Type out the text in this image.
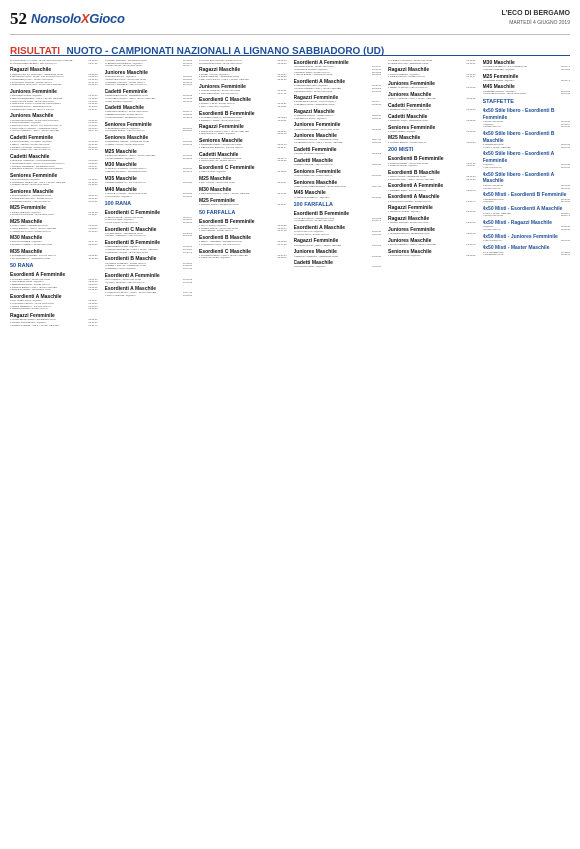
52 NonsoloXGioco	L'ECO DI BERGAMO
MARTEDÌ 4 GIUGNO 2019
RISULTATI NUOTO - CAMPIONATI NAZIONALI A LIGNANO SABBIADORO (UD)
20 DONATELLI VITTORIA - SPORTING CLUB ALL. INDONE	01:36.46
21 PAGNONCELLI ELENA - VIRTUS NUOTO	01:37.02
Ragazzi Maschile
1 PEZZINI FILIPPO GIACOMO - SWIMMING CLUB	01:08.49
2 BROGNOLI LUCA - SPORT PIÙ SCUOLA NUOTO	01:09.50
3 CIARAMELLA TEO - SPORTING CLUB	01:10.14
4 LOCATELLI SIMONE - ROARI NUOTO	01:11.56
5 MORANDINI CRISTIAN - SPORTING CLUB ALL.	01:12.04
Juniores Femminile
1 MILANESI GIULIA - AQUAFIT	01:15.54
2 BERTINI EMANUELA - HAPPY SPORT CENTER	01:18.06
3 CORTINOVIS SARA - SPORTING CLUB	01:19.12
4 GALLIZIOLI LUCIA - POLISPORTIVA ROMANO	01:19.60
5 CARRARA SOFIA - SWIMMING CLUB	01:20.11
6 GAMBIRASIO MARTA - NUOTO VIRTUS	01:21.37
Juniores Maschile
1 BONACINA DAVIDE - SPORTING CLUB ALL.	01:02.51
2 MAGNI ANDREA - AQUAFIT	01:04.18
3 RAVASIO LUCA - SPORT PIÙ SCUOLA NUOTO	01:05.33
4 FACCHINETTI MARCO - SWIMMING CLUB	01:06.05
5 TESTA LORENZO - HAPPY SPORT CENTER	01:07.09
Cadetti Femminile
1 FOPPA PEDRETTI CHIARA - AQUAFIT	01:13.59
2 BELOTTI ELISA - SPORTING CLUB	01:15.22
3 PESENTI GIORGIA - ROARI NUOTO	01:16.40
4 ZANCHI MARTINA - VIRTUS NUOTO	01:17.08
Cadetti Maschile
1 ARNOLDI TOMMASO - CLUB MAGGIORE	01:00.96
2 SIGNORELLI ELIA - SPORT PIÙ SCUOLA NUOTO	01:02.10
3 CAPELLI GABRIELE - SWIMMING CLUB	01:03.37
4 MAFFEIS STEFANO - POLISPORTIVA ROMANO	01:04.01
Seniores Femminile
1 AZZOLA GIULIA - AQUAFIT	01:14.05
2 LOMBARDI VALENTINA - HAPPY SPORT CENTER	01:16.18
3 FINAZZI SILVIA - SPORTING CLUB	01:18.40
Seniores Maschile
1 DOLCI ALBERTO - SWIMMING CLUB	01:01.44
2 VAVASSORI MATTEO - ROARI NUOTO	01:03.21
3 GHILARDI PAOLO - VIRTUS NUOTO	01:05.12
M25 Femminile
1 MILESI ALESSIA - AQUAFIT	01:22.36
2 RONZONI CLAUDIA - SPORTING CLUB	01:25.07
M25 Maschile
1 CORTI FABIO - SWIMMING CLUB	01:06.12
2 SALVI ENRICO - HAPPY SPORT CENTER	01:08.45
3 TIRABOSCHI LUCA - ROARI NUOTO	01:10.03
M30 Maschile
1 MOIOLI DANIELE - AQUAFIT	01:07.56
2 BONFANTI DIEGO - SPORTING CLUB	01:09.19
M35 Maschile
1 PALAMENGHI ANDREA - VIRTUS NUOTO	01:09.04
2 ROTA ALBERTO - SWIMMING CLUB	01:11.28
50 RANA
Esordienti A Femminile
1 GHISLENI SARA - SPORTING CLUB	00:41.55
2 CAPOFERRI ANNA - AQUAFIT	00:42.30
3 BREMBILLA ALICE - ROARI NUOTO	00:43.18
4 PEDRINI EMMA - HAPPY SPORT CENTER	00:44.02
5 BAROZZI MARIA - SWIMMING CLUB	00:44.91
Esordienti A Maschile
1 CATTANEO LUCA - AQUAFIT	00:38.67
2 COLOMBO PIETRO - SPORTING CLUB	00:39.40
3 NORIS FEDERICO - VIRTUS NUOTO	00:40.15
4 GALIZZI DAVIDE - ROARI NUOTO	00:40.88
Ragazzi Femminile
1 SCARPELLINI GIADA - SWIMMING CLUB	00:39.12
2 AGAZZI FRANCESCA - AQUAFIT	00:40.05
3 MANZONI IRENE - HAPPY SPORT CENTER	00:40.71
1 CASARI SABRINA - SWIMMING CLUB	00:33.29
2 FERRARI FRANCESCA - AQUAFIT	00:34.01
3 BONZI SILVIA - SPORTING CLUB	00:34.77
Juniores Maschile
1 PIROLA FILIPPO - AQUAFIT	00:29.10
2 MARCHESI LUCA - SPORTING CLUB	00:29.84
3 ZAMBELLI NICOLÒ - ROARI NUOTO	00:30.32
4 BIANCHI SAMUELE - VIRTUS NUOTO	00:31.05
Cadetti Femminile
1 MAZZOLENI LUCIA - SWIMMING CLUB	00:32.48
2 LOCATELLI GIULIA - HAPPY SPORT CENTER	00:33.90
3 RIZZI CHIARA - AQUAFIT	00:34.51
Cadetti Maschile
1 SANGALLI MARCO - SPORTING CLUB	00:28.75
2 BERERA DAVIDE - ROARI NUOTO	00:29.40
3 COMI ANDREA - SWIMMING CLUB	00:30.12
Seniores Femminile
1 PELLEGRINI MARTA - AQUAFIT	00:33.01
2 RUGGERI ELENA - VIRTUS NUOTO	00:34.40
Seniores Maschile
1 BRAMBILLA OSCAR - SWIMMING CLUB	00:29.66
2 FORESTI LUCA - SPORTING CLUB	00:30.52
M25 Maschile
1 GIUPPONI MARCO - HAPPY SPORT CENTER	00:31.14
2 VITALI ANDREA - AQUAFIT	00:32.06
M30 Maschile
1 PERSICO STEFANO - ROARI NUOTO	00:32.45
2 BELLINI GIORGIO - SWIMMING CLUB	00:33.72
M35 Maschile
1 GAMBA ROBERTO - VIRTUS NUOTO	00:33.80
M40 Maschile
1 TRAPLETTI FABIO - SPORTING CLUB	00:34.92
2 RIVA PAOLO - AQUAFIT	00:36.10
100 RANA
Esordienti C Femminile
1 PERICO ALICE - SPORTING CLUB	02:03.57
2 LIMONTA GAIA - AQUAFIT	02:06.80
3 CUNI SOFIA - ROARI NUOTO	02:09.14
Esordienti C Maschile
1 OPREA DAVID - SWIMMING CLUB	01:58.06
2 MAGRI TOMMASO - VIRTUS NUOTO	02:01.41
Esordienti B Femminile
1 BERGAMELLI ANNA - AQUAFIT	01:49.31
2 PIAZZALUNGA ELISA - HAPPY SPORT CENTER	01:51.20
3 CARMINATI GIULIA - SPORTING CLUB	01:52.74
Esordienti B Maschile
1 GUSMINI LORENZO - ROARI NUOTO	01:44.05
2 PESENTI MATTIA - SWIMMING CLUB	01:46.18
3 BREMBATI LUCA - AQUAFIT	01:47.90
Esordienti A Femminile
1 ROTA MARIA - SPORTING CLUB	01:33.62
2 QUARTI GIORGIA - VIRTUS NUOTO	01:35.09
Esordienti A Maschile
1 TOMASONI PIETRO - HAPPY SPORT CENTER	01:27.44
2 VALOTI SIMONE - AQUAFIT	01:29.01
15 LOCATELLI NICOLE - ROARI NUOTO	00:38.14
16 BONACINA ANNA - SPORTING CLUB	00:38.60
Ragazzi Maschile
1 ZANETTI LUCA - AQUAFIT	00:33.05
2 MAFFI ALESSIO - SWIMMING CLUB	00:33.86
3 BETTONI FILIPPO - HAPPY SPORT CENTER	00:34.29
Juniores Femminile
1 CORNA CAMILLA - SPORTING CLUB	00:36.62
2 SALA BEATRICE - VIRTUS NUOTO	00:37.40
Esordienti C Maschile
1 MORETTI ELIA - ROARI NUOTO	00:54.81
2 GRITTI MATTEO - AQUAFIT	00:56.02
Esordienti B Femminile
1 PASINELLI GRETA - SWIMMING CLUB	00:48.94
2 PEDRETTI SARA - SPORTING CLUB	00:50.11
Ragazzi Femminile
1 BRESCIANI LINDA - HAPPY SPORT CENTER	00:40.33
2 ALBORGHETTI VERA - AQUAFIT	00:41.20
Seniores Maschile
1 CALEGARI DARIO - SPORTING CLUB	00:31.44
2 MEDOLAGO ENRICO - VIRTUS NUOTO	00:32.17
Cadetti Maschile
1 ROSSI GABRIELE - SWIMMING CLUB	00:30.75
2 CRIPPA MATTIA - ROARI NUOTO	00:31.48
Esordienti C Femminile
1 ORIO GIULIA - AQUAFIT	00:59.06
M25 Maschile
1 BUTTI LUCA - SPORTING CLUB	00:33.91
M30 Maschile
1 DENTELLA PAOLO - HAPPY SPORT CENTER	00:35.02
M25 Femminile
1 RAVELLI MARA - SWIMMING CLUB	00:40.67
50 FARFALLA
Esordienti B Femminile
1 GOTTI SOFIA - AQUAFIT	00:39.82
2 PALENI MARTA - SPORTING CLUB	00:40.55
3 CALVI EMMA - ROARI NUOTO	00:41.10
Esordienti B Maschile
1 BELOTTI ANDREA - SWIMMING CLUB	00:36.40
2 FUMAGALLI LUCA - VIRTUS NUOTO	00:37.28
Esordienti C Maschile
1 LUSSANA DIEGO - HAPPY SPORT CENTER	00:45.13
2 PREVITALI ALEX - AQUAFIT	00:46.50
Esordienti A Femminile
1 BONOMI GIULIA - SPORTING CLUB	00:33.47
2 LAZZARINI CHIARA - AQUAFIT	00:34.12
3 MANGILI SARA - ROARI NUOTO	00:34.89
4 TIRONI ELENA - SWIMMING CLUB	00:35.20
Esordienti A Maschile
1 CARRARA MATTEO - AQUAFIT	00:30.14
2 RUSSO DAVIDE - HAPPY SPORT CENTER	00:30.89
3 MORONI LUCA - SPORTING CLUB	00:31.56
Ragazzi Femminile
1 GAMBIRASIO ELISA - VIRTUS NUOTO	00:31.77
2 FRIGERIO ANNA - SWIMMING CLUB	00:32.40
Ragazzi Maschile
1 PIAZZONI MARCO - ROARI NUOTO	00:28.62
2 VALSECCHI LUCA - AQUAFIT	00:29.15
Juniores Femminile
1 MARCASSOLI IRENE - SPORTING CLUB	00:30.88
Juniores Maschile
1 BREMBILLA DAVIDE - SWIMMING CLUB	00:27.41
2 GHERARDI LUCA - HAPPY SPORT CENTER	00:28.02
Cadetti Femminile
1 NICOLI GIORGIA - AQUAFIT	00:30.29
Cadetti Maschile
1 AGAZZI SIMONE - VIRTUS NUOTO	00:26.94
Seniores Femminile
1 ZONCA MARTINA - ROARI NUOTO	00:31.05
Seniores Maschile
1 BERTOCCHI ALESSANDRO - SPORTING CLUB	00:27.30
M45 Maschile
1 FORNONI ROBERTO - AQUAFIT	00:33.66
100 FARFALLA
Esordienti B Femminile
1 CORTESI GIADA - SWIMMING CLUB	01:31.09
2 PANSERI LUCIA - SPORTING CLUB	01:33.74
Esordienti A Maschile
1 LOCATI MATTIA - AQUAFIT	01:12.58
2 POLONI LUCA - ROARI NUOTO	01:14.30
Ragazzi Femminile
1 BONALDI SOFIA - HAPPY SPORT CENTER	01:14.82
Juniores Maschile
1 MERONI TOMMASO - SWIMMING CLUB	01:02.40
Cadetti Maschile
1 RONCALLI FABIO - AQUAFIT	01:01.15
15 PESENTI GIORGIA - SPORTING CLUB	01:29.86
16 MANZONI LISA - SWIMMING CLUB	01:30.51
Ragazzi Maschile
1 CALVI LORENZO - AQUAFIT	01:10.44
2 MILESI PIETRO - ROARI NUOTO	01:12.07
Juniores Femminile
1 BERETTA GIULIA - VIRTUS NUOTO	01:15.90
Juniores Maschile
1 SCOTTI DAVIDE - HAPPY SPORT CENTER	01:04.22
Cadetti Femminile
1 FENAROLI ANNA - SPORTING CLUB	01:14.63
Cadetti Maschile
1 GALBIATI LUCA - SWIMMING CLUB	01:02.88
Seniores Femminile
1 CIMA CHIARA - AQUAFIT	01:16.41
M25 Maschile
1 PALAZZI MARCO - ROARI NUOTO	01:08.95
200 MISTI
Esordienti B Femminile
1 RAVASIO EMMA - SPORTING CLUB	03:01.20
2 MAGONI ALICE - AQUAFIT	03:05.47
Esordienti B Maschile
1 FACCHI LUCA - SWIMMING CLUB	02:51.06
2 LAINI MATTEO - HAPPY SPORT CENTER	02:54.18
Esordienti A Femminile
1 VERZERI SARA - VIRTUS NUOTO	02:41.33
Esordienti A Maschile
1 ZUCCHINALI DAVIDE - ROARI NUOTO	02:30.70
Ragazzi Femminile
1 BRIGNOLI GIULIA - AQUAFIT	02:38.12
Ragazzi Maschile
1 ALBANI SIMONE - SPORTING CLUB	02:25.40
Juniores Femminile
1 SPINELLI MARTA - SWIMMING CLUB	02:41.06
Juniores Maschile
1 ROTA LORENZO - HAPPY SPORT CENTER	02:19.54
Seniores Maschile
1 VAVASSORI LUCA - AQUAFIT	02:18.02
M30 Maschile
1 COSLANI ALBERTO - A.S. LAURENTUM	02:12.75
2 BIANCHI ANDREA - AQUAFIT	02:14.06
M25 Femminile
1 RUGGERI MARIA - AQUAFIT	02:32.70
M45 Maschile
1 GABRIELI MARCO - AQUAFIT	02:21.08
2 LOCATELLI PAOLO - SPORTING CLUB	02:25.33
STAFFETTE
4x50 Stile libero - Esordienti B Femminile
1 SPORTING CLUB	02:31.40
2 AQUAFIT	02:33.07
3 ROARI NUOTO	02:35.92
4x50 Stile libero - Esordienti B Maschile
1 SWIMMING CLUB	02:22.14
2 HAPPY SPORT CENTER	02:24.51
4x50 Stile libero - Esordienti A Femminile
1 AQUAFIT	02:12.60
2 VIRTUS NUOTO	02:14.35
4x50 Stile libero - Esordienti A Maschile
1 SPORTING CLUB	02:01.90
2 ROARI NUOTO	02:03.44
4x50 Misti - Esordienti B Femminile
1 SWIMMING CLUB	02:50.18
2 AQUAFIT	02:53.06
4x50 Misti - Esordienti A Maschile
1 HAPPY SPORT CENTER	02:18.27
2 SPORTING CLUB	02:20.71
4x50 Misti - Ragazzi Maschile
1 AQUAFIT	02:06.33
2 ROARI NUOTO	02:08.90
4x50 Misti - Juniores Femminile
1 VIRTUS NUOTO	02:21.45
4x50 Misti - Master Maschile
1 A.S. LAURENTUM	01:59.82
2 SWIMMING CLUB	02:02.10
